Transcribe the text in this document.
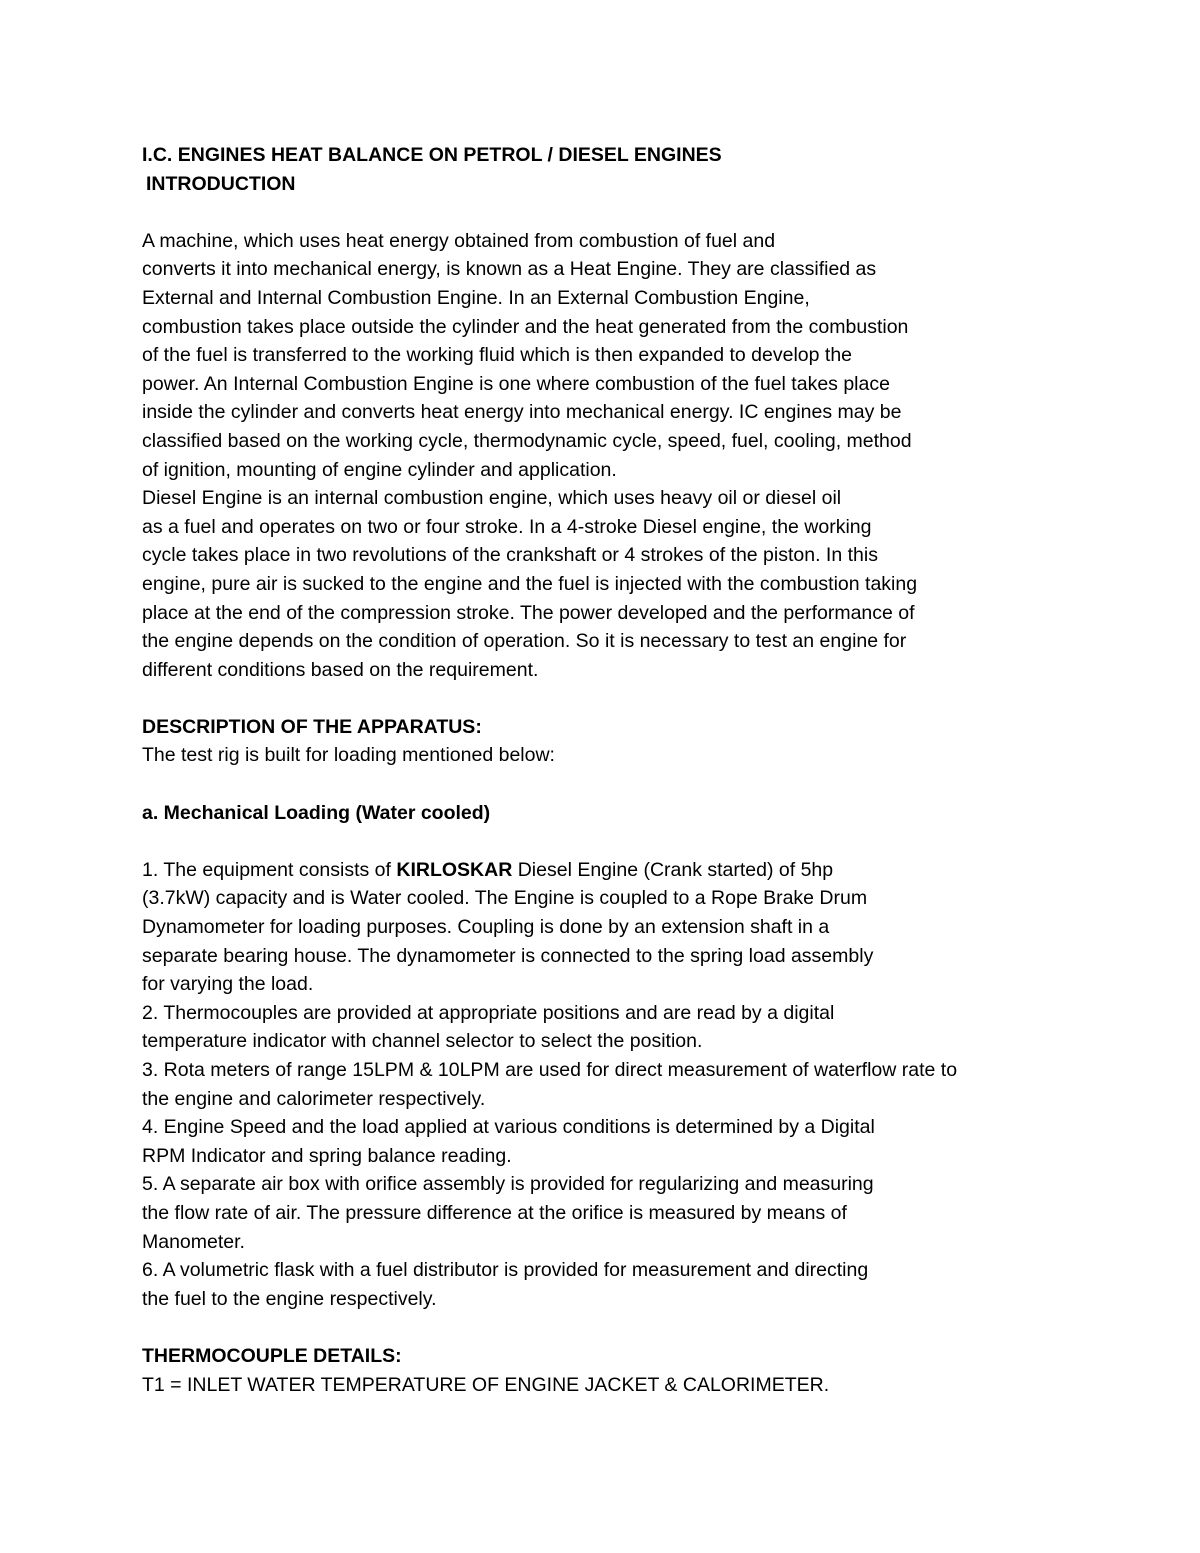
I.C. ENGINES HEAT BALANCE ON PETROL / DIESEL ENGINES
INTRODUCTION
A machine, which uses heat energy obtained from combustion of fuel and
converts it into mechanical energy, is known as a Heat Engine. They are classified as
External and Internal Combustion Engine. In an External Combustion Engine,
combustion takes place outside the cylinder and the heat generated from the combustion
of the fuel is transferred to the working fluid which is then expanded to develop the
power. An Internal Combustion Engine is one where combustion of the fuel takes place
inside the cylinder and converts heat energy into mechanical energy. IC engines may be
classified based on the working cycle, thermodynamic cycle, speed, fuel, cooling, method
of ignition, mounting of engine cylinder and application.
Diesel Engine is an internal combustion engine, which uses heavy oil or diesel oil
as a fuel and operates on two or four stroke. In a 4-stroke Diesel engine, the working
cycle takes place in two revolutions of the crankshaft or 4 strokes of the piston. In this
engine, pure air is sucked to the engine and the fuel is injected with the combustion taking
place at the end of the compression stroke. The power developed and the performance of
the engine depends on the condition of operation. So it is necessary to test an engine for
different conditions based on the requirement.
DESCRIPTION OF THE APPARATUS:
The test rig is built for loading mentioned below:
a. Mechanical Loading (Water cooled)
1. The equipment consists of KIRLOSKAR Diesel Engine (Crank started) of 5hp
(3.7kW) capacity and is Water cooled. The Engine is coupled to a Rope Brake Drum
Dynamometer for loading purposes. Coupling is done by an extension shaft in a
separate bearing house. The dynamometer is connected to the spring load assembly
for varying the load.
2. Thermocouples are provided at appropriate positions and are read by a digital
temperature indicator with channel selector to select the position.
3. Rota meters of range 15LPM & 10LPM are used for direct measurement of waterflow rate to
the engine and calorimeter respectively.
4. Engine Speed and the load applied at various conditions is determined by a Digital
RPM Indicator and spring balance reading.
5. A separate air box with orifice assembly is provided for regularizing and measuring
the flow rate of air. The pressure difference at the orifice is measured by means of
Manometer.
6. A volumetric flask with a fuel distributor is provided for measurement and directing
the fuel to the engine respectively.
THERMOCOUPLE DETAILS:
T1 = INLET WATER TEMPERATURE OF ENGINE JACKET & CALORIMETER.
